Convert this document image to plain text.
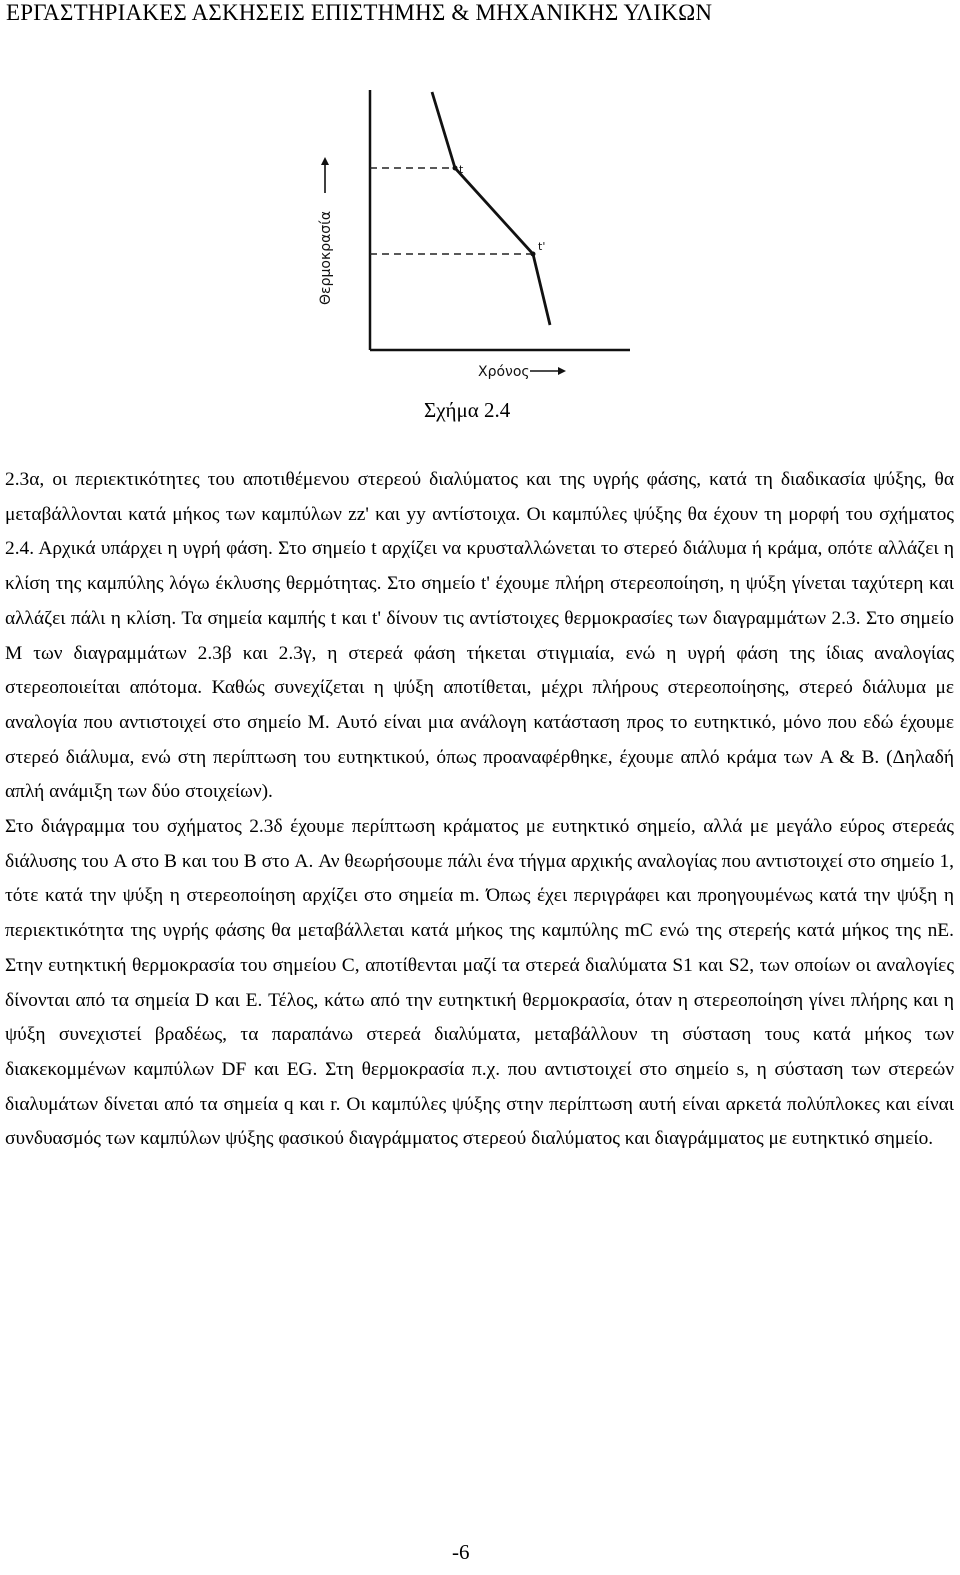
ΕΡΓΑΣΤΗΡΙΑΚΕΣ ΑΣΚΗΣΕΙΣ ΕΠΙΣΤΗΜΗΣ & ΜΗΧΑΝΙΚΗΣ ΥΛΙΚΩΝ
t
t'
Θερμοκρασία
Χρόνος
Σχήμα 2.4

2.3α, οι περιεκτικότητες του αποτιθέμενου στερεού διαλύματος και της υγρής φάσης, κατά τη διαδικασία ψύξης, θα μεταβάλλονται κατά μήκος των καμπύλων zz' και yy αντίστοιχα. Οι καμπύλες ψύξης θα έχουν τη μορφή του σχήματος 2.4. Αρχικά υπάρχει η υγρή φάση. Στο σημείο t αρχίζει να κρυσταλλώνεται το στερεό διάλυμα ή κράμα, οπότε αλλάζει η κλίση της καμπύλης λόγω έκλυσης θερμότητας. Στο σημείο t' έχουμε πλήρη στερεοποίηση, η ψύξη γίνεται ταχύτερη και αλλάζει πάλι η κλίση. Τα σημεία καμπής t και t' δίνουν τις αντίστοιχες θερμοκρασίες των διαγραμμάτων 2.3. Στο σημείο M των διαγραμμάτων 2.3β και 2.3γ, η στερεά φάση τήκεται στιγμιαία, ενώ η υγρή φάση της ίδιας αναλογίας στερεοποιείται απότομα. Καθώς συνεχίζεται η ψύξη αποτίθεται, μέχρι πλήρους στερεοποίησης, στερεό διάλυμα με αναλογία που αντιστοιχεί στο σημείο M. Αυτό είναι μια ανάλογη κατάσταση προς το ευτηκτικό, μόνο που εδώ έχουμε στερεό διάλυμα, ενώ στη περίπτωση του ευτηκτικού, όπως προαναφέρθηκε, έχουμε απλό κράμα των A & B. (Δηλαδή απλή ανάμιξη των δύο στοιχείων).

Στο διάγραμμα του σχήματος 2.3δ έχουμε περίπτωση κράματος με ευτηκτικό σημείο, αλλά με μεγάλο εύρος στερεάς διάλυσης του A στο B και του B στο A. Αν θεωρήσουμε πάλι ένα τήγμα αρχικής αναλογίας που αντιστοιχεί στο σημείο 1, τότε κατά την ψύξη η στερεοποίηση αρχίζει στο σημεία m. Όπως έχει περιγράφει και προηγουμένως κατά την ψύξη η περιεκτικότητα της υγρής φάσης θα μεταβάλλεται κατά μήκος της καμπύλης mC ενώ της στερεής κατά μήκος της nE. Στην ευτηκτική θερμοκρασία του σημείου C, αποτίθενται μαζί τα στερεά διαλύματα S1 και S2, των οποίων οι αναλογίες δίνονται από τα σημεία D και E. Τέλος, κάτω από την ευτηκτική θερμοκρασία, όταν η στερεοποίηση γίνει πλήρης και η ψύξη συνεχιστεί βραδέως, τα παραπάνω στερεά διαλύματα, μεταβάλλουν τη σύσταση τους κατά μήκος των διακεκομμένων καμπύλων DF και EG. Στη θερμοκρασία π.χ. που αντιστοιχεί στο σημείο s, η σύσταση των στερεών διαλυμάτων δίνεται από τα σημεία q και r. Οι καμπύλες ψύξης στην περίπτωση αυτή είναι αρκετά πολύπλοκες και είναι συνδυασμός των καμπύλων ψύξης φασικού διαγράμματος στερεού διαλύματος και διαγράμματος με ευτηκτικό σημείο.

-6
